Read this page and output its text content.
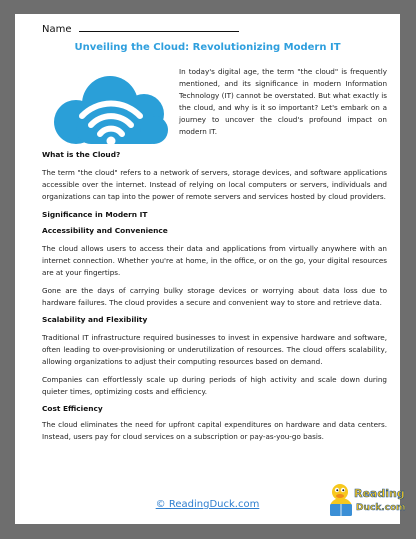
Name
Unveiling the Cloud: Revolutionizing Modern IT

In today's digital age, the term "the cloud" is frequently mentioned, and its significance in modern Information Technology (IT) cannot be overstated. But what exactly is the cloud, and why is it so important? Let's embark on a journey to uncover the cloud's profound impact on modern IT.

What is the Cloud?

The term "the cloud" refers to a network of servers, storage devices, and software applications accessible over the internet. Instead of relying on local computers or servers, individuals and organizations can tap into the power of remote servers and services hosted by cloud providers.

Significance in Modern IT
Accessibility and Convenience

The cloud allows users to access their data and applications from virtually anywhere with an internet connection. Whether you're at home, in the office, or on the go, your digital resources are at your fingertips.

Gone are the days of carrying bulky storage devices or worrying about data loss due to hardware failures. The cloud provides a secure and convenient way to store and retrieve data.

Scalability and Flexibility

Traditional IT infrastructure required businesses to invest in expensive hardware and software, often leading to over-provisioning or underutilization of resources. The cloud offers scalability, allowing organizations to adjust their computing resources based on demand.

Companies can effortlessly scale up during periods of high activity and scale down during quieter times, optimizing costs and efficiency.

Cost Efficiency

The cloud eliminates the need for upfront capital expenditures on hardware and data centers. Instead, users pay for cloud services on a subscription or pay-as-you-go basis.

© ReadingDuck.com
Reading
Duck.com
